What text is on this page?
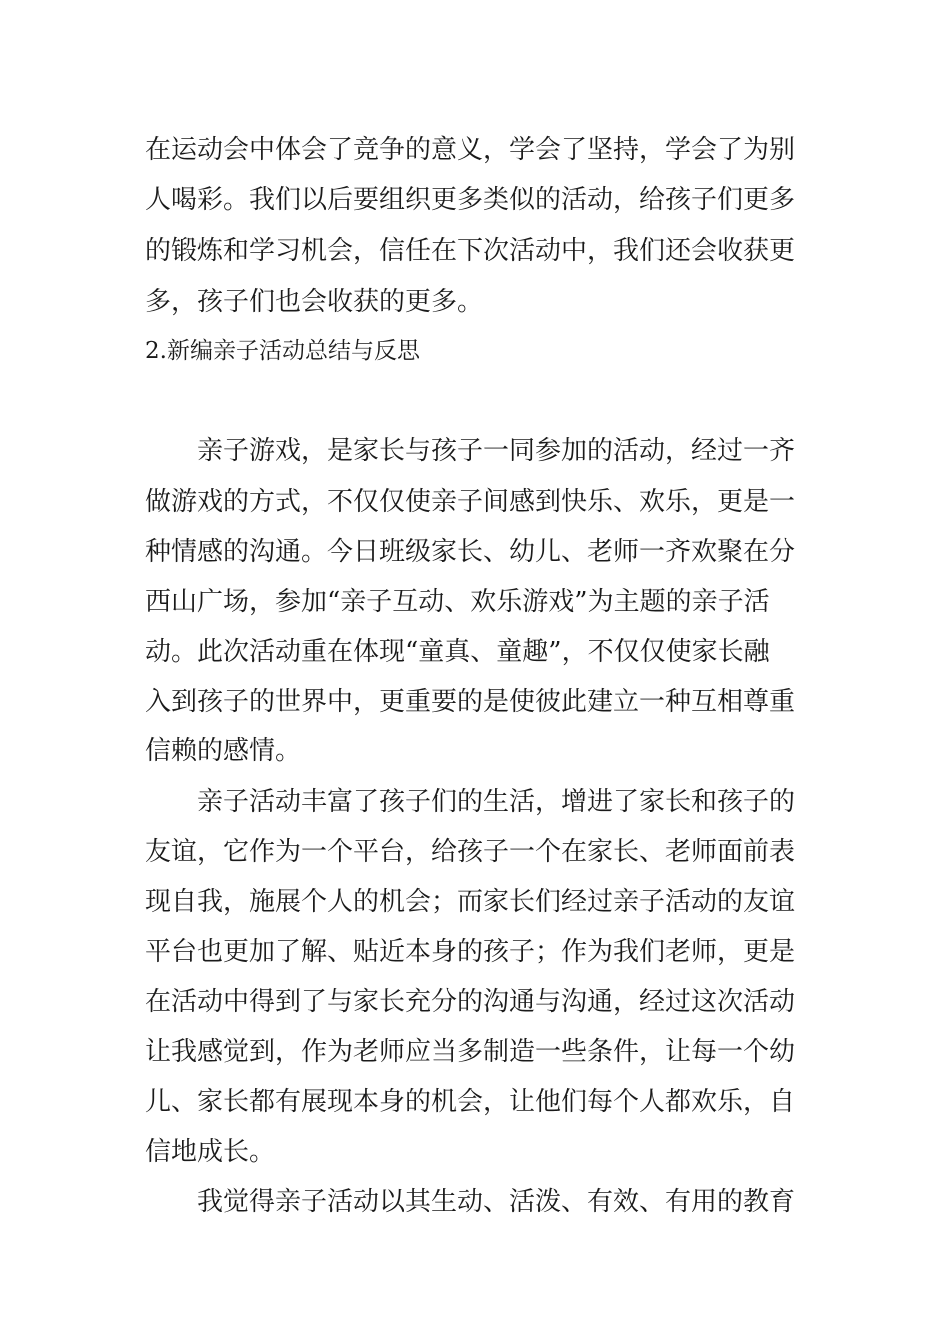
在运动会中体会了竞争的意义，学会了坚持，学会了为别
人喝彩。我们以后要组织更多类似的活动，给孩子们更多
的锻炼和学习机会，信任在下次活动中，我们还会收获更
多，孩子们也会收获的更多。
2.新编亲子活动总结与反思
亲子游戏，是家长与孩子一同参加的活动，经过一齐
做游戏的方式，不仅仅使亲子间感到快乐、欢乐，更是一
种情感的沟通。今日班级家长、幼儿、老师一齐欢聚在分
西山广场，参加“亲子互动、欢乐游戏”为主题的亲子活
动。此次活动重在体现“童真、童趣”，不仅仅使家长融
入到孩子的世界中，更重要的是使彼此建立一种互相尊重
信赖的感情。
亲子活动丰富了孩子们的生活，增进了家长和孩子的
友谊，它作为一个平台，给孩子一个在家长、老师面前表
现自我，施展个人的机会；而家长们经过亲子活动的友谊
平台也更加了解、贴近本身的孩子；作为我们老师，更是
在活动中得到了与家长充分的沟通与沟通，经过这次活动
让我感觉到，作为老师应当多制造一些条件，让每一个幼
儿、家长都有展现本身的机会，让他们每个人都欢乐，自
信地成长。
我觉得亲子活动以其生动、活泼、有效、有用的教育
